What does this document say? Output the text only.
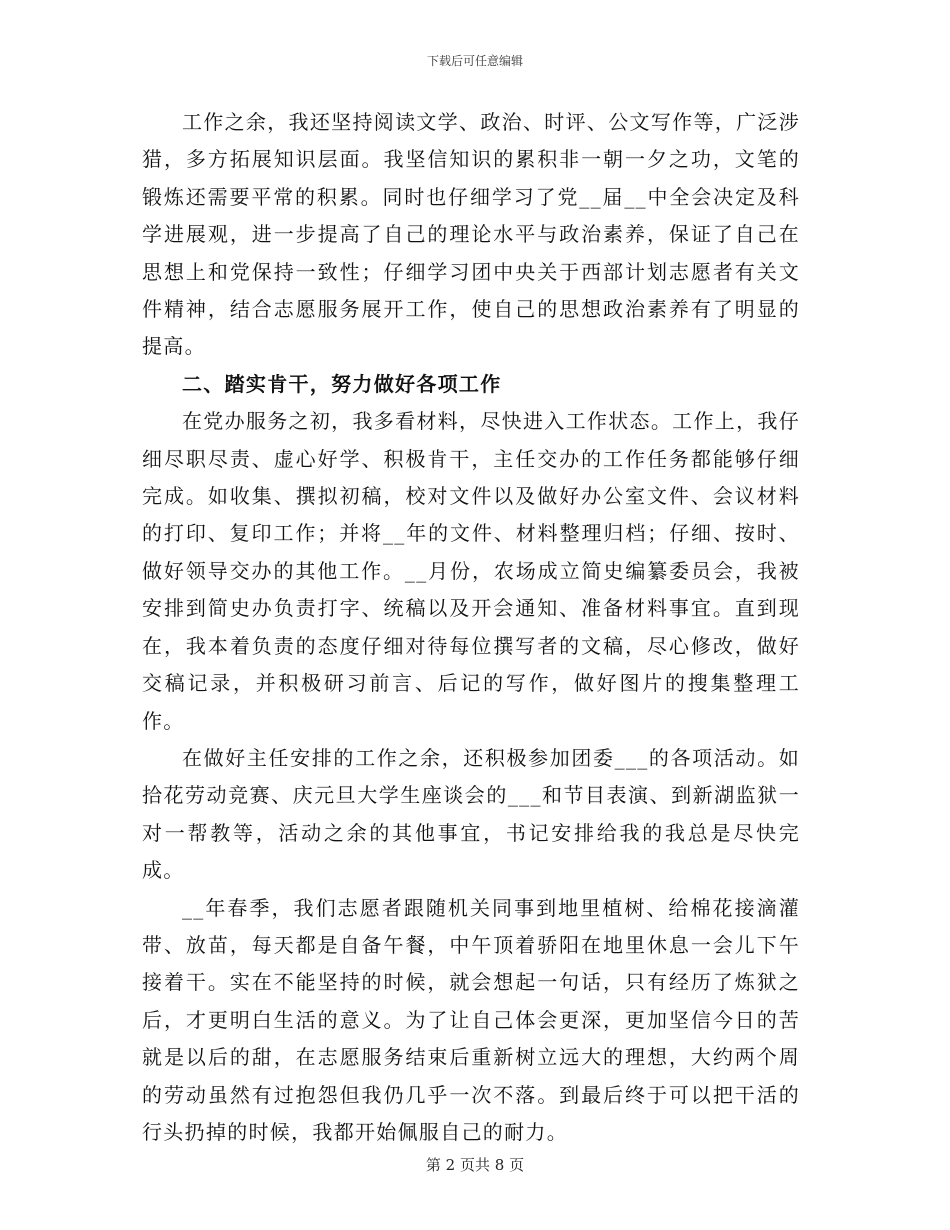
下载后可任意编辑

工作之余，我还坚持阅读文学、政治、时评、公文写作等，广泛涉猎，多方拓展知识层面。我坚信知识的累积非一朝一夕之功，文笔的锻炼还需要平常的积累。同时也仔细学习了党__届__中全会决定及科学进展观，进一步提高了自己的理论水平与政治素养，保证了自己在思想上和党保持一致性；仔细学习团中央关于西部计划志愿者有关文件精神，结合志愿服务展开工作，使自己的思想政治素养有了明显的提高。

二、踏实肯干，努力做好各项工作

在党办服务之初，我多看材料，尽快进入工作状态。工作上，我仔细尽职尽责、虚心好学、积极肯干，主任交办的工作任务都能够仔细完成。如收集、撰拟初稿，校对文件以及做好办公室文件、会议材料的打印、复印工作；并将__年的文件、材料整理归档；仔细、按时、做好领导交办的其他工作。__月份，农场成立简史编纂委员会，我被安排到简史办负责打字、统稿以及开会通知、准备材料事宜。直到现在，我本着负责的态度仔细对待每位撰写者的文稿，尽心修改，做好交稿记录，并积极研习前言、后记的写作，做好图片的搜集整理工作。

在做好主任安排的工作之余，还积极参加团委___的各项活动。如拾花劳动竞赛、庆元旦大学生座谈会的___和节目表演、到新湖监狱一对一帮教等，活动之余的其他事宜，书记安排给我的我总是尽快完成。

__年春季，我们志愿者跟随机关同事到地里植树、给棉花接滴灌带、放苗，每天都是自备午餐，中午顶着骄阳在地里休息一会儿下午接着干。实在不能坚持的时候，就会想起一句话，只有经历了炼狱之后，才更明白生活的意义。为了让自己体会更深，更加坚信今日的苦就是以后的甜，在志愿服务结束后重新树立远大的理想，大约两个周的劳动虽然有过抱怨但我仍几乎一次不落。到最后终于可以把干活的行头扔掉的时候，我都开始佩服自己的耐力。

第 2 页共 8 页
